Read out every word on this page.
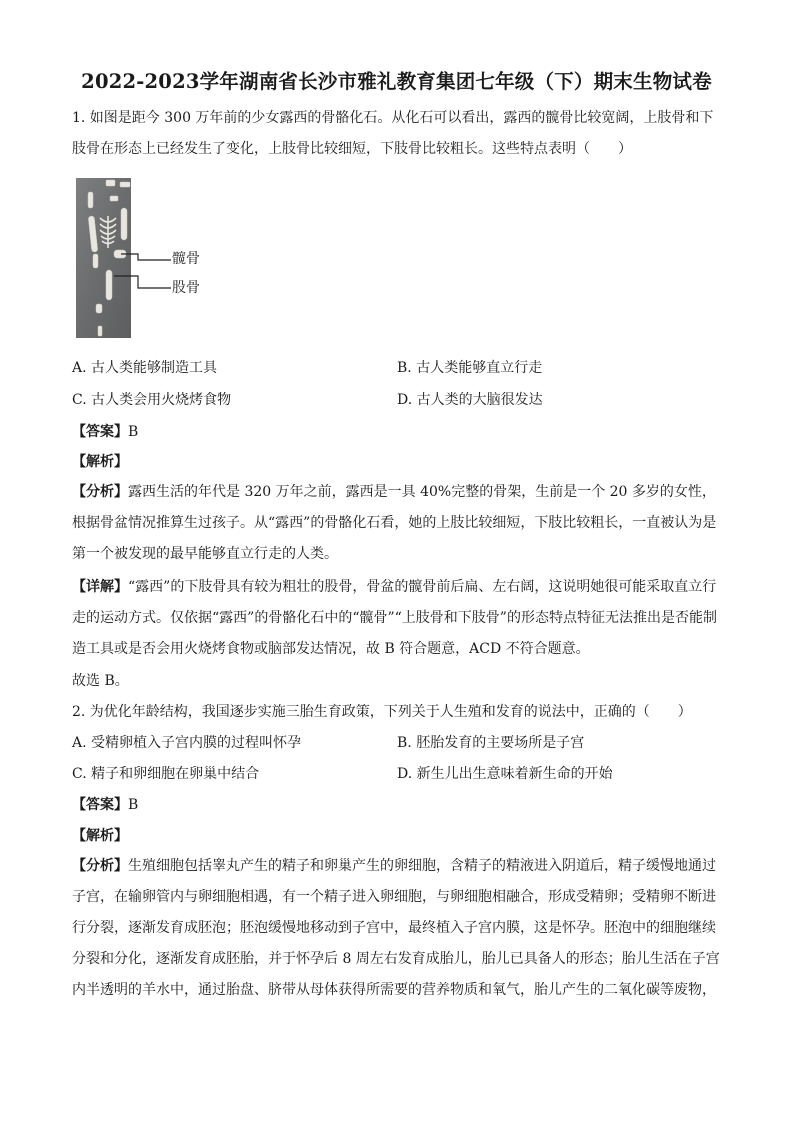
2022-2023学年湖南省长沙市雅礼教育集团七年级（下）期末生物试卷

1. 如图是距今 300 万年前的少女露西的骨骼化石。从化石可以看出，露西的髋骨比较宽阔，上肢骨和下肢骨在形态上已经发生了变化，上肢骨比较细短，下肢骨比较粗长。这些特点表明（　　）

髋骨
股骨
A. 古人类能够制造工具	B. 古人类能够直立行走
C. 古人类会用火烧烤食物	D. 古人类的大脑很发达
【答案】B
【解析】

【分析】露西生活的年代是 320 万年之前，露西是一具 40%完整的骨架，生前是一个 20 多岁的女性，根据骨盆情况推算生过孩子。从“露西”的骨骼化石看，她的上肢比较细短，下肢比较粗长，一直被认为是第一个被发现的最早能够直立行走的人类。

【详解】“露西”的下肢骨具有较为粗壮的股骨，骨盆的髋骨前后扁、左右阔，这说明她很可能采取直立行走的运动方式。仅依据“露西”的骨骼化石中的“髋骨”“上肢骨和下肢骨”的形态特点特征无法推出是否能制造工具或是否会用火烧烤食物或脑部发达情况，故 B 符合题意，ACD 不符合题意。

故选 B。
2. 为优化年龄结构，我国逐步实施三胎生育政策，下列关于人生殖和发育的说法中，正确的（　　）
A. 受精卵植入子宫内膜的过程叫怀孕	B. 胚胎发育的主要场所是子宫
C. 精子和卵细胞在卵巢中结合	D. 新生儿出生意味着新生命的开始
【答案】B
【解析】

【分析】生殖细胞包括睾丸产生的精子和卵巢产生的卵细胞，含精子的精液进入阴道后，精子缓慢地通过子宫，在输卵管内与卵细胞相遇，有一个精子进入卵细胞，与卵细胞相融合，形成受精卵；受精卵不断进行分裂，逐渐发育成胚泡；胚泡缓慢地移动到子宫中，最终植入子宫内膜，这是怀孕。胚泡中的细胞继续分裂和分化，逐渐发育成胚胎，并于怀孕后 8 周左右发育成胎儿，胎儿已具备人的形态；胎儿生活在子宫内半透明的羊水中，通过胎盘、脐带从母体获得所需要的营养物质和氧气，胎儿产生的二氧化碳等废物，
